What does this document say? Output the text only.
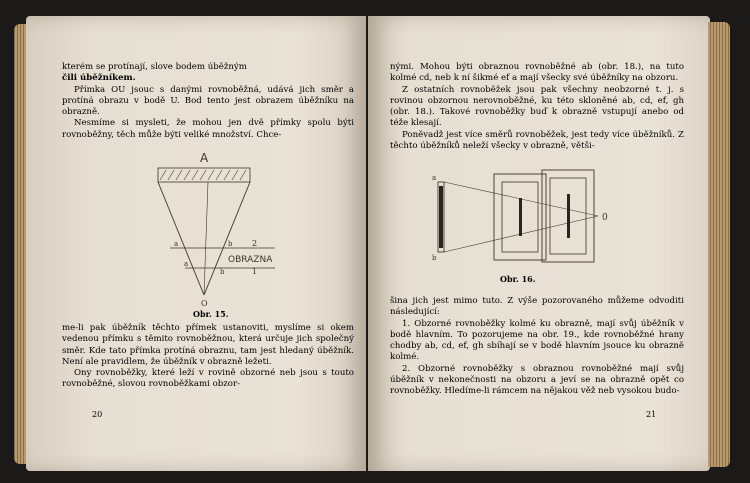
kterém se protínají, slove bodem úběžným

čili úběžníkem.

Přímka OU jsouc s danými rovnoběžná, udává jich směr a protíná obrazu v bodě U. Bod tento jest obrazem úběžníku na obrazně.

Nesmíme si mysleti, že mohou jen dvě přímky spolu býti rovnoběžny, těch může býti veliké množství. Chce-

A
a	b 2
a
b	1
OBRAZNA
O
Obr. 15.

me-li pak úběžník těchto přímek ustanoviti, myslíme si okem vedenou přímku s těmito rovnoběžnou, která určuje jich společný směr. Kde tato přímka protíná obraznu, tam jest hledaný úběžník. Není ale pravidlem, že úběžník v obrazně ležeti.

Ony rovnoběžky, které leží v rovině obzorné neb jsou s touto rovnoběžné, slovou rovnoběžkami obzor-

20

nými. Mohou býti obraznou rovnoběžné ab (obr. 18.), na tuto kolmé cd, neb k ní šikmé ef a mají všecky své úběžníky na obzoru.

Z ostatních rovnoběžek jsou pak všechny neobzorné t. j. s rovinou obzornou nerovnoběžné, ku této skloněné ab, cd, ef, gh (obr. 18.). Takové rovnoběžky buď k obrazně vstupují anebo od téže klesají.

Poněvadž jest více směrů rovnoběžek, jest tedy více úběžníků. Z těchto úběžníků neleží všecky v obrazně, větši-

a
b
0
Obr. 16.

šina jich jest mimo tuto. Z výše pozorovaného můžeme odvoditi následující:

1. Obzorné rovnoběžky kolmé ku obrazně, mají svůj úběžník v bodě hlavním. To pozorujeme na obr. 19., kde rovnoběžné hrany chodby ab, cd, ef, gh sbíhají se v bodě hlavním jsouce ku obrazně kolmé.

2. Obzorné rovnoběžky s obraznou rovnoběžné mají svůj úběžník v nekonečnosti na obzoru a jeví se na obrazně opět co rovnoběžky. Hledíme-li rámcem na nějakou věž neb vysokou budo-

21
